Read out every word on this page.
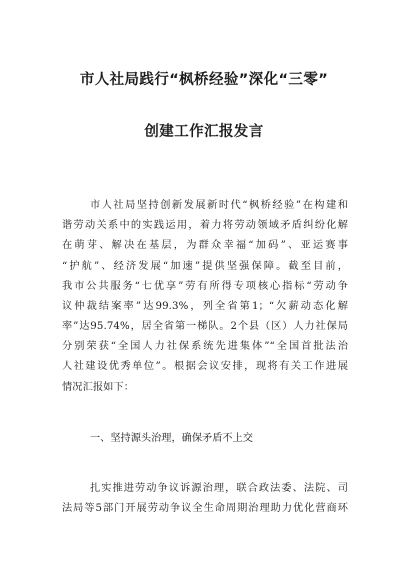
市人社局践行“枫桥经验”深化“三零”
创建工作汇报发言
市人社局坚持创新发展新时代“枫桥经验”在构建和
谐劳动关系中的实践运用，着力将劳动领域矛盾纠纷化解
在萌芽、解决在基层，为群众幸福“加码”、亚运赛事
“护航”、经济发展“加速”提供坚强保障。截至目前，
我市公共服务“七优享”劳有所得专项核心指标“劳动争
议仲裁结案率”达99.3%，列全省第1；“欠薪动态化解
率”达95.74%，居全省第一梯队。2个县（区）人力社保局
分别荣获“全国人力社保系统先进集体”“全国首批法治
人社建设优秀单位”。根据会议安排，现将有关工作进展
情况汇报如下：
一、坚持源头治理，确保矛盾不上交
扎实推进劳动争议诉源治理，联合政法委、法院、司
法局等5部门开展劳动争议全生命周期治理助力优化营商环
